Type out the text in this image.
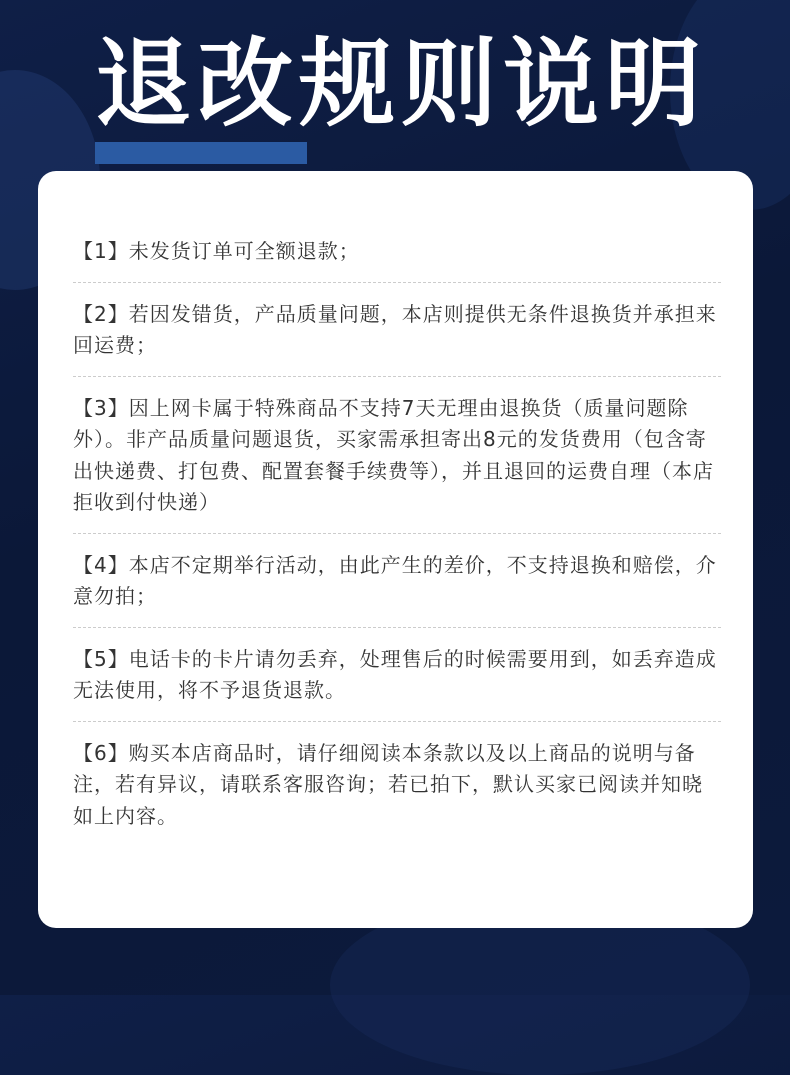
退改规则说明
【1】未发货订单可全额退款；
【2】若因发错货，产品质量问题，本店则提供无条件退换货并承担来回运费；
【3】因上网卡属于特殊商品不支持7天无理由退换货（质量问题除外）。非产品质量问题退货，买家需承担寄出8元的发货费用（包含寄出快递费、打包费、配置套餐手续费等），并且退回的运费自理（本店拒收到付快递）
【4】本店不定期举行活动，由此产生的差价，不支持退换和赔偿，介意勿拍；
【5】电话卡的卡片请勿丢弃，处理售后的时候需要用到，如丢弃造成无法使用，将不予退货退款。
【6】购买本店商品时，请仔细阅读本条款以及以上商品的说明与备注，若有异议，请联系客服咨询；若已拍下，默认买家已阅读并知晓如上内容。
